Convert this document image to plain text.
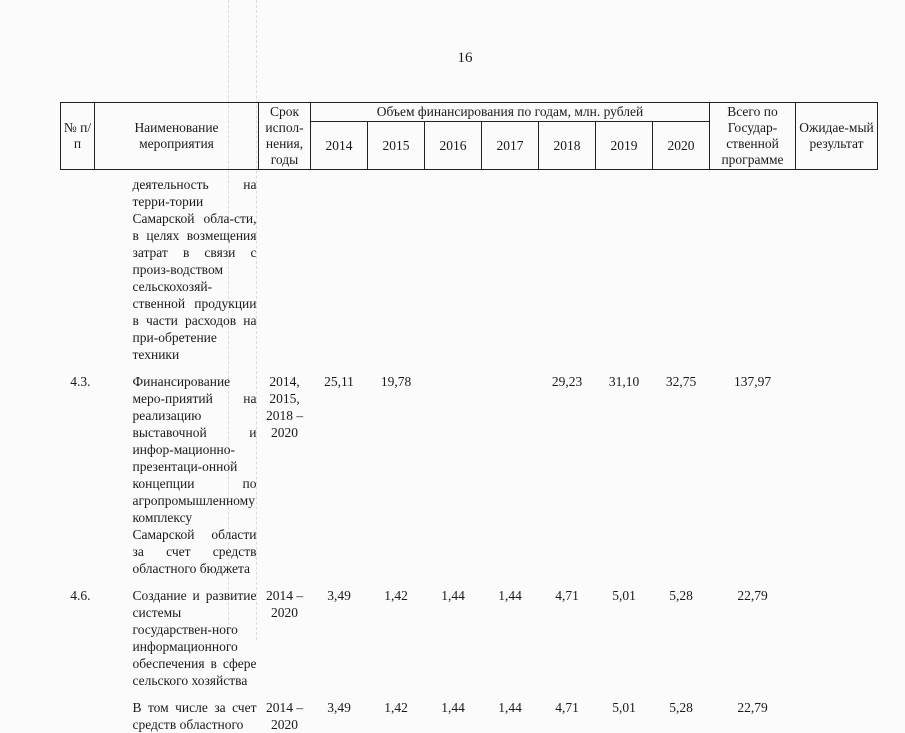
16
№ п/п	Наименование мероприятия	Срок испол-нения, годы	Объем финансирования по годам, млн. рублей							Всего по Государ-ственной программе	Ожидае-мый результат
			2014	2015	2016	2017	2018	2019	2020		

	деятельность на терри-тории Самарской обла-сти, в целях возмещения затрат в связи с произ-водством сельскохозяй-ственной продукции в части расходов на при-обретение техники										

4.3.	Финансирование меро-приятий на реализацию выставочной и инфор-мационно-презентаци-онной концепции по агропромышленному комплексу Самарской области за счет средств областного бюджета	2014, 2015, 2018 – 2020	25,11	19,78			29,23	31,10	32,75	137,97	
4.6.	Создание и развитие системы государствен-ного информационного обеспечения в сфере сельского хозяйства	2014 – 2020	3,49	1,42	1,44	1,44	4,71	5,01	5,28	22,79	

	В том числе за счет средств областного	2014 – 2020	3,49	1,42	1,44	1,44	4,71	5,01	5,28	22,79	
